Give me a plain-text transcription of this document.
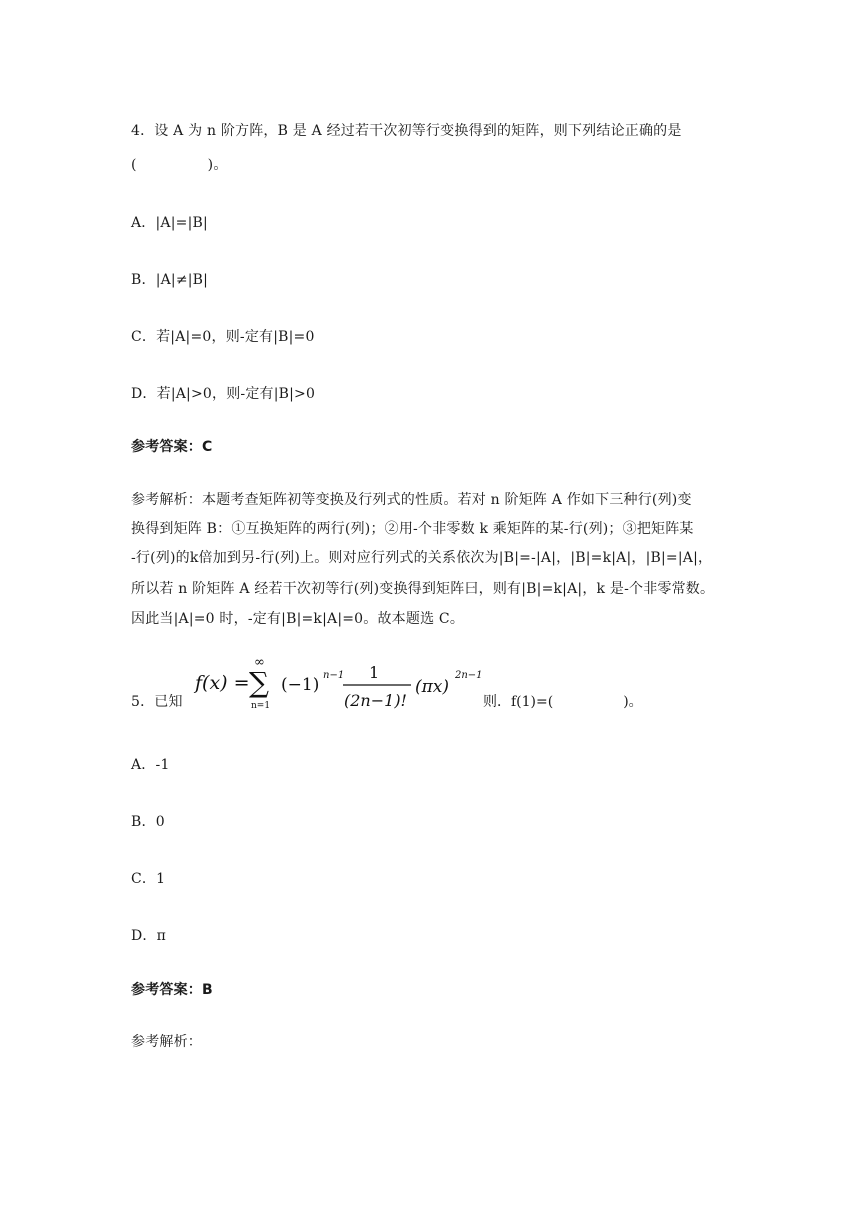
4．设 A 为 n 阶方阵，B 是 A 经过若干次初等行变换得到的矩阵，则下列结论正确的是
(　　　　　)。
A．|A|=|B|
B．|A|≠|B|
C．若|A|=0，则-定有|B|=0
D．若|A|>0，则-定有|B|>0
参考答案：C
参考解析：本题考查矩阵初等变换及行列式的性质。若对 n 阶矩阵 A 作如下三种行(列)变
换得到矩阵 B：①互换矩阵的两行(列)；②用-个非零数 k 乘矩阵的某-行(列)；③把矩阵某
-行(列)的k倍加到另-行(列)上。则对应行列式的关系依次为|B|=-|A|，|B|=k|A|，|B|=|A|，
所以若 n 阶矩阵 A 经若干次初等行(列)变换得到矩阵曰，则有|B|=k|A|，k 是-个非零常数。
因此当|A|=0 时，-定有|B|=k|A|=0。故本题选 C。
5．已知
f(x) =
∞
∑
n=1
(−1) n−1 1
(2n−1)!
(πx)
2n−1
则．f(1)=(　　　　　)。
A．-1
B．0
C．1
D．π
参考答案：B
参考解析：
